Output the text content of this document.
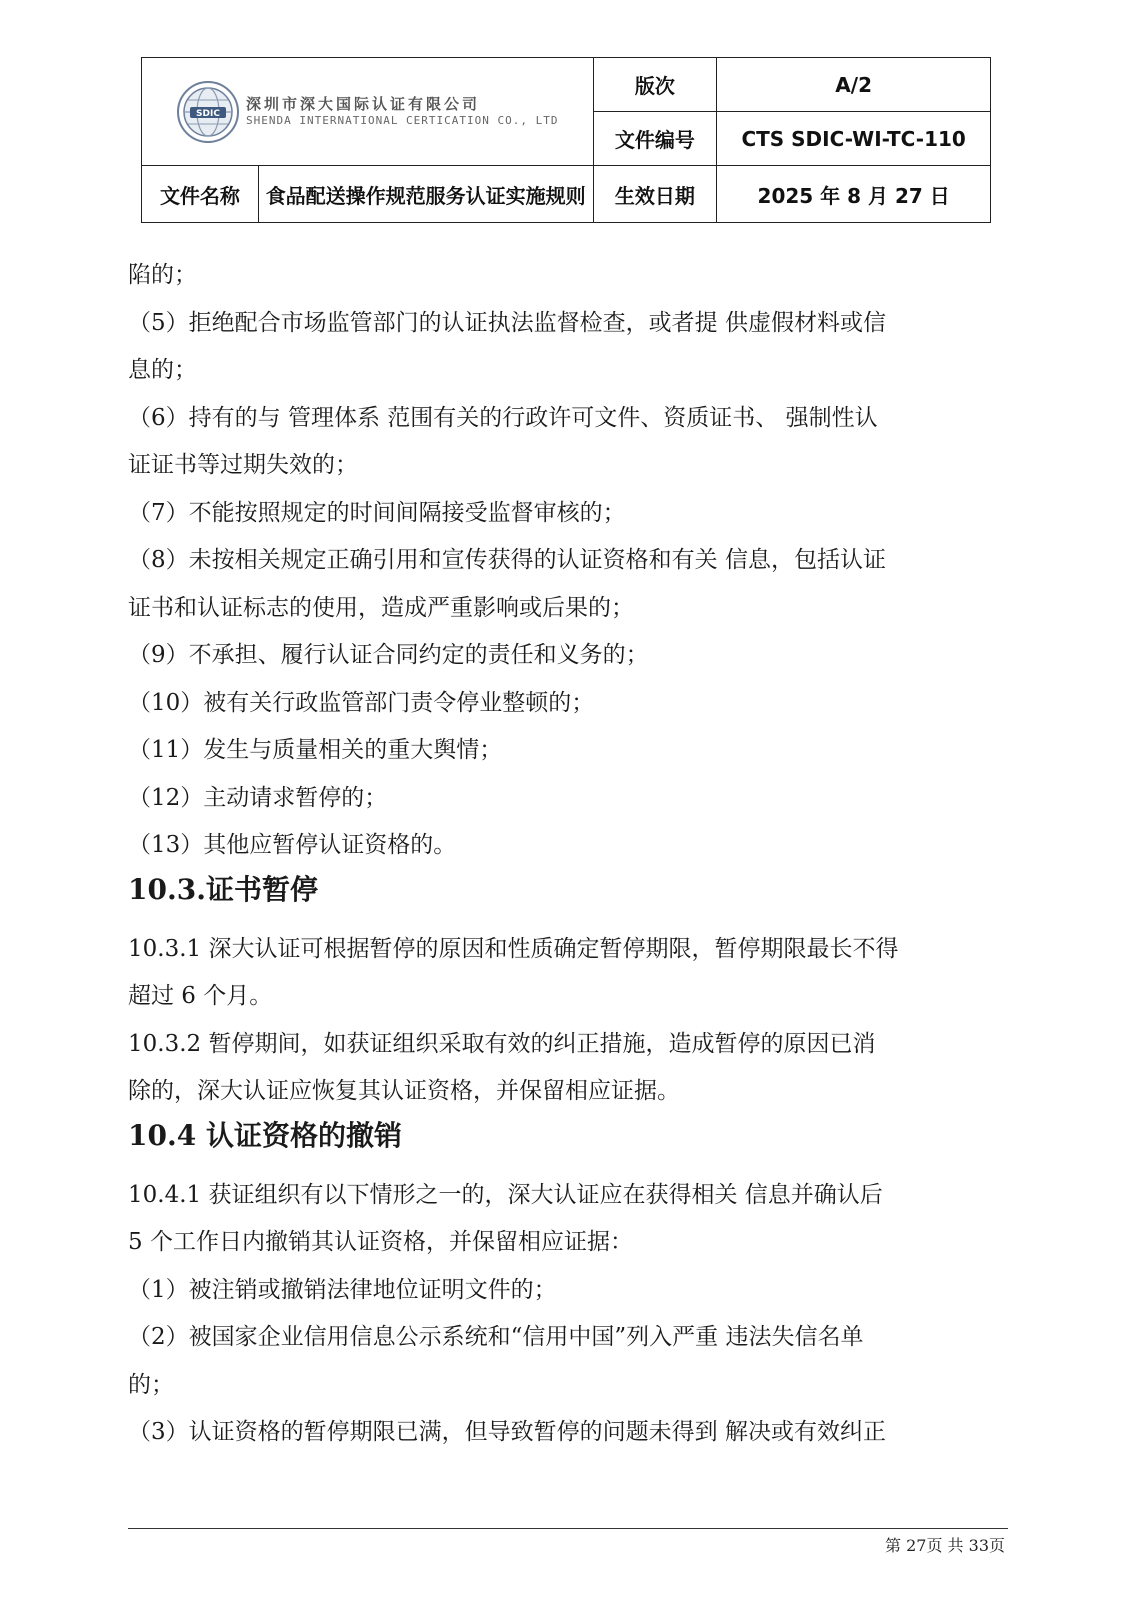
SDIC
深圳市深大国际认证有限公司
SHENDA INTERNATIONAL CERTICATION CO., LTD		版次	A/2
		文件编号	CTS SDIC-WI-TC-110
文件名称	食品配送操作规范服务认证实施规则	生效日期	2025 年 8 月 27 日

陷的；

（5）拒绝配合市场监管部门的认证执法监督检查，或者提 供虚假材料或信

息的；

（6）持有的与 管理体系 范围有关的行政许可文件、资质证书、 强制性认

证证书等过期失效的；

（7）不能按照规定的时间间隔接受监督审核的；

（8）未按相关规定正确引用和宣传获得的认证资格和有关 信息，包括认证

证书和认证标志的使用，造成严重影响或后果的；

（9）不承担、履行认证合同约定的责任和义务的；

（10）被有关行政监管部门责令停业整顿的；

（11）发生与质量相关的重大舆情；

（12）主动请求暂停的；

（13）其他应暂停认证资格的。

10.3.证书暂停

10.3.1 深大认证可根据暂停的原因和性质确定暂停期限，暂停期限最长不得

超过 6 个月。

10.3.2 暂停期间，如获证组织采取有效的纠正措施，造成暂停的原因已消

除的，深大认证应恢复其认证资格，并保留相应证据。

10.4 认证资格的撤销

10.4.1 获证组织有以下情形之一的，深大认证应在获得相关 信息并确认后

5 个工作日内撤销其认证资格，并保留相应证据：

（1）被注销或撤销法律地位证明文件的；

（2）被国家企业信用信息公示系统和“信用中国”列入严重 违法失信名单

的；

（3）认证资格的暂停期限已满，但导致暂停的问题未得到 解决或有效纠正

第 27页 共 33页
